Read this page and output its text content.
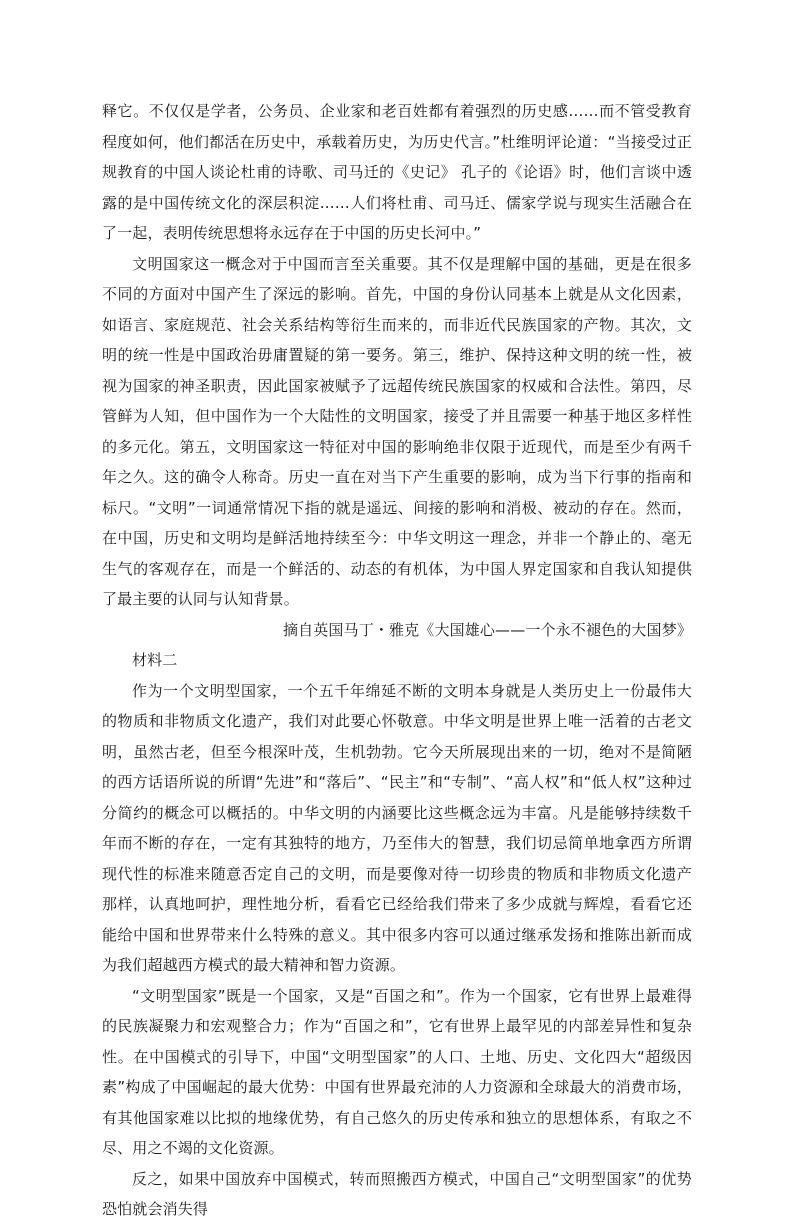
释它。不仅仅是学者，公务员、企业家和老百姓都有着强烈的历史感……而不管受教育程度如何，他们都活在历史中，承载着历史，为历史代言。”杜维明评论道：“当接受过正规教育的中国人谈论杜甫的诗歌、司马迁的《史记》 孔子的《论语》时，他们言谈中透露的是中国传统文化的深层积淀……人们将杜甫、司马迁、儒家学说与现实生活融合在了一起，表明传统思想将永远存在于中国的历史长河中。”

文明国家这一概念对于中国而言至关重要。其不仅是理解中国的基础，更是在很多不同的方面对中国产生了深远的影响。首先，中国的身份认同基本上就是从文化因素，如语言、家庭规范、社会关系结构等衍生而来的，而非近代民族国家的产物。其次，文明的统一性是中国政治毋庸置疑的第一要务。第三，维护、保持这种文明的统一性，被视为国家的神圣职责，因此国家被赋予了远超传统民族国家的权威和合法性。第四，尽管鲜为人知，但中国作为一个大陆性的文明国家，接受了并且需要一种基于地区多样性的多元化。第五，文明国家这一特征对中国的影响绝非仅限于近现代，而是至少有两千年之久。这的确令人称奇。历史一直在对当下产生重要的影响，成为当下行事的指南和标尺。“文明”一词通常情况下指的就是遥远、间接的影响和消极、被动的存在。然而，在中国，历史和文明均是鲜活地持续至今：中华文明这一理念，并非一个静止的、毫无生气的客观存在，而是一个鲜活的、动态的有机体，为中国人界定国家和自我认知提供了最主要的认同与认知背景。

摘自英国马丁・雅克《大国雄心——一个永不褪色的大国梦》

材料二

作为一个文明型国家，一个五千年绵延不断的文明本身就是人类历史上一份最伟大的物质和非物质文化遗产，我们对此要心怀敬意。中华文明是世界上唯一活着的古老文明，虽然古老，但至今根深叶茂，生机勃勃。它今天所展现出来的一切，绝对不是简陋的西方话语所说的所谓“先进”和“落后”、“民主”和“专制”、“高人权”和“低人权”这种过分简约的概念可以概括的。中华文明的内涵要比这些概念远为丰富。凡是能够持续数千年而不断的存在，一定有其独特的地方，乃至伟大的智慧，我们切忌简单地拿西方所谓现代性的标准来随意否定自己的文明，而是要像对待一切珍贵的物质和非物质文化遗产那样，认真地呵护，理性地分析，看看它已经给我们带来了多少成就与辉煌，看看它还能给中国和世界带来什么特殊的意义。其中很多内容可以通过继承发扬和推陈出新而成为我们超越西方模式的最大精神和智力资源。

“文明型国家”既是一个国家，又是“百国之和”。作为一个国家，它有世界上最难得的民族凝聚力和宏观整合力；作为“百国之和”，它有世界上最罕见的内部差异性和复杂性。在中国模式的引导下，中国“文明型国家”的人口、土地、历史、文化四大“超级因素”构成了中国崛起的最大优势：中国有世界最充沛的人力资源和全球最大的消费市场，有其他国家难以比拟的地缘优势，有自己悠久的历史传承和独立的思想体系，有取之不尽、用之不竭的文化资源。

反之，如果中国放弃中国模式，转而照搬西方模式，中国自己“文明型国家”的优势恐怕就会消失得
